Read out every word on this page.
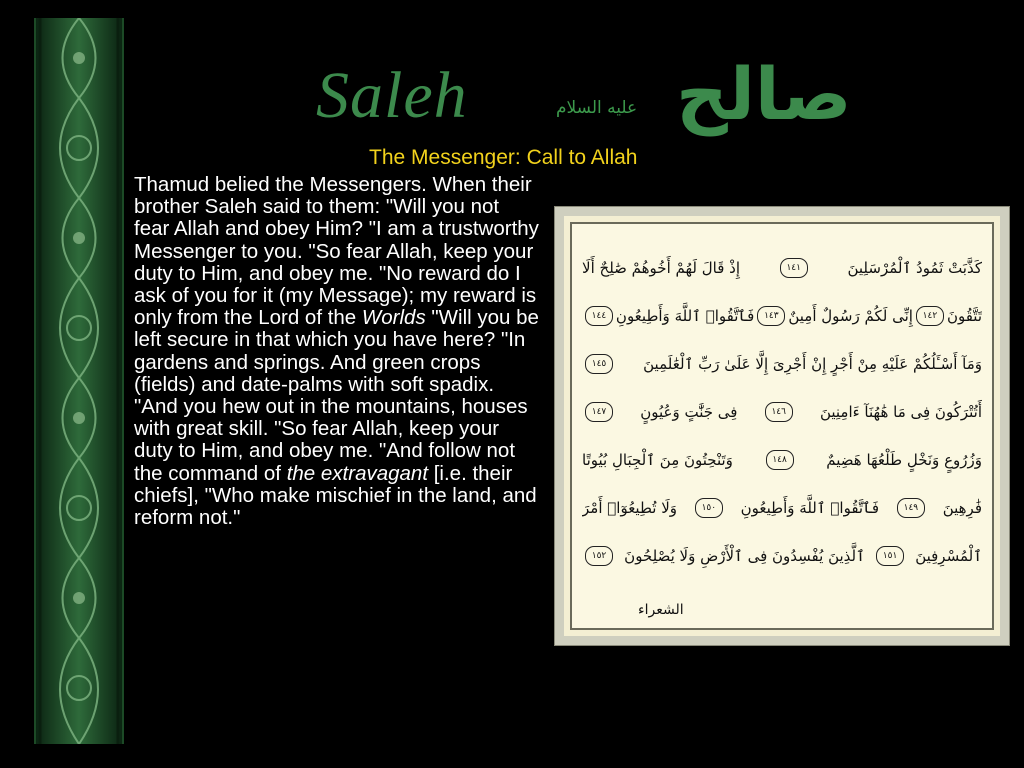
Saleh	عليه السلام صالح
The Messenger: Call to Allah

Thamud belied the Messengers. When their brother Saleh said to them: "Will you not fear Allah and obey Him? "I am a trustworthy Messenger to you. "So fear Allah, keep your duty to Him, and obey me. "No reward do I ask of you for it (my Message); my reward is only from the Lord of the Worlds "Will you be left secure in that which you have here? "In gardens and springs. And green crops (fields) and date-palms with soft spadix. "And you hew out in the mountains, houses with great skill. "So fear Allah, keep your duty to Him, and obey me. "And follow not the command of the extravagant [i.e. their chiefs], "Who make mischief in the land, and reform not."

كَذَّبَتْ ثَمُودُ ٱلْمُرْسَلِينَ
١٤١
إِذْ قَالَ لَهُمْ أَخُوهُمْ صَٰلِحٌ أَلَا
تَتَّقُونَ
١٤٢
إِنِّى لَكُمْ رَسُولٌ أَمِينٌ
١٤٣
فَٱتَّقُوا۟ ٱللَّهَ وَأَطِيعُونِ
١٤٤
وَمَآ أَسْـَٔلُكُمْ عَلَيْهِ مِنْ أَجْرٍ إِنْ أَجْرِىَ إِلَّا عَلَىٰ رَبِّ ٱلْعَٰلَمِينَ
١٤٥
أَتُتْرَكُونَ فِى مَا هَٰهُنَآ ءَامِنِينَ
١٤٦
فِى جَنَّٰتٍ وَعُيُونٍ
١٤٧
وَزُرُوعٍ وَنَخْلٍ طَلْعُهَا هَضِيمٌ
١٤٨
وَتَنْحِتُونَ مِنَ ٱلْجِبَالِ بُيُوتًا
فَٰرِهِينَ
١٤٩
فَٱتَّقُوا۟ ٱللَّهَ وَأَطِيعُونِ
١٥٠
وَلَا تُطِيعُوٓا۟ أَمْرَ
ٱلْمُسْرِفِينَ
١٥١
ٱلَّذِينَ يُفْسِدُونَ فِى ٱلْأَرْضِ وَلَا يُصْلِحُونَ
١٥٢
الشعراء
